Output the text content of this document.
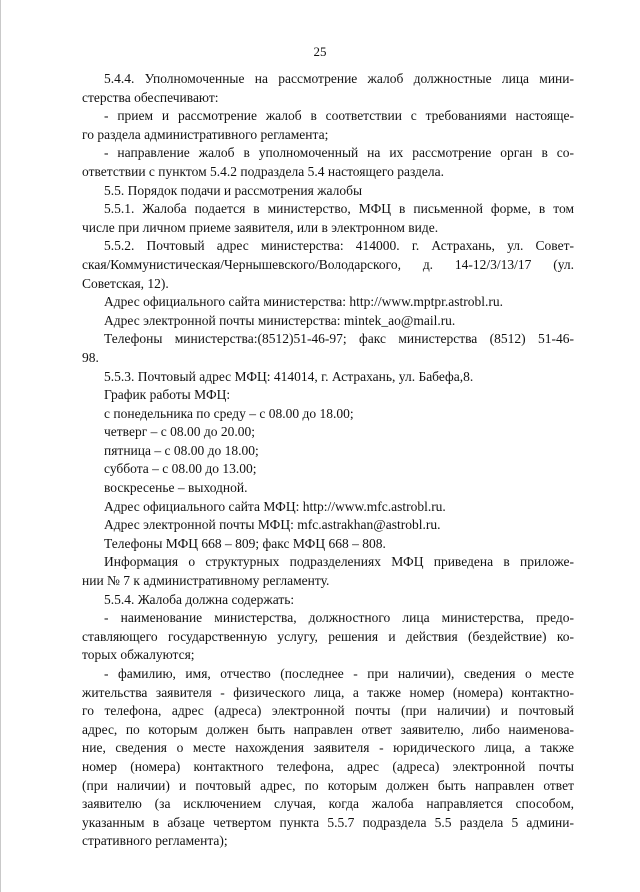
25
5.4.4. Уполномоченные на рассмотрение жалоб должностные лица мини-
стерства обеспечивают:
- прием и рассмотрение жалоб в соответствии с требованиями настояще-
го раздела административного регламента;
- направление жалоб в уполномоченный на их рассмотрение орган в со-
ответствии с пунктом 5.4.2 подраздела 5.4 настоящего раздела.
5.5. Порядок подачи и рассмотрения жалобы
5.5.1. Жалоба подается в министерство, МФЦ в письменной форме, в том
числе при личном приеме заявителя, или в электронном виде.
5.5.2. Почтовый адрес министерства: 414000. г. Астрахань, ул. Совет-
ская/Коммунистическая/Чернышевского/Володарского, д. 14-12/3/13/17 (ул.
Советская, 12).
Адрес официального сайта министерства: http://www.mptpr.astrobl.ru.
Адрес электронной почты министерства: mintek_ao@mail.ru.
Телефоны министерства:(8512)51-46-97; факс министерства (8512) 51-46-
98.
5.5.3. Почтовый адрес МФЦ: 414014, г. Астрахань, ул. Бабефа,8.
График работы МФЦ:
с понедельника по среду – с 08.00 до 18.00;
четверг – с 08.00 до 20.00;
пятница – с 08.00 до 18.00;
суббота – с 08.00 до 13.00;
воскресенье – выходной.
Адрес официального сайта МФЦ: http://www.mfc.astrobl.ru.
Адрес электронной почты МФЦ: mfc.astrakhan@astrobl.ru.
Телефоны МФЦ 668 – 809; факс МФЦ 668 – 808.
Информация о структурных подразделениях МФЦ приведена в приложе-
нии № 7 к административному регламенту.
5.5.4. Жалоба должна содержать:
- наименование министерства, должностного лица министерства, предо-
ставляющего государственную услугу, решения и действия (бездействие) ко-
торых обжалуются;
- фамилию, имя, отчество (последнее - при наличии), сведения о месте
жительства заявителя - физического лица, а также номер (номера) контактно-
го телефона, адрес (адреса) электронной почты (при наличии) и почтовый
адрес, по которым должен быть направлен ответ заявителю, либо наименова-
ние, сведения о месте нахождения заявителя - юридического лица, а также
номер (номера) контактного телефона, адрес (адреса) электронной почты
(при наличии) и почтовый адрес, по которым должен быть направлен ответ
заявителю (за исключением случая, когда жалоба направляется способом,
указанным в абзаце четвертом пункта 5.5.7 подраздела 5.5 раздела 5 админи-
стративного регламента);
